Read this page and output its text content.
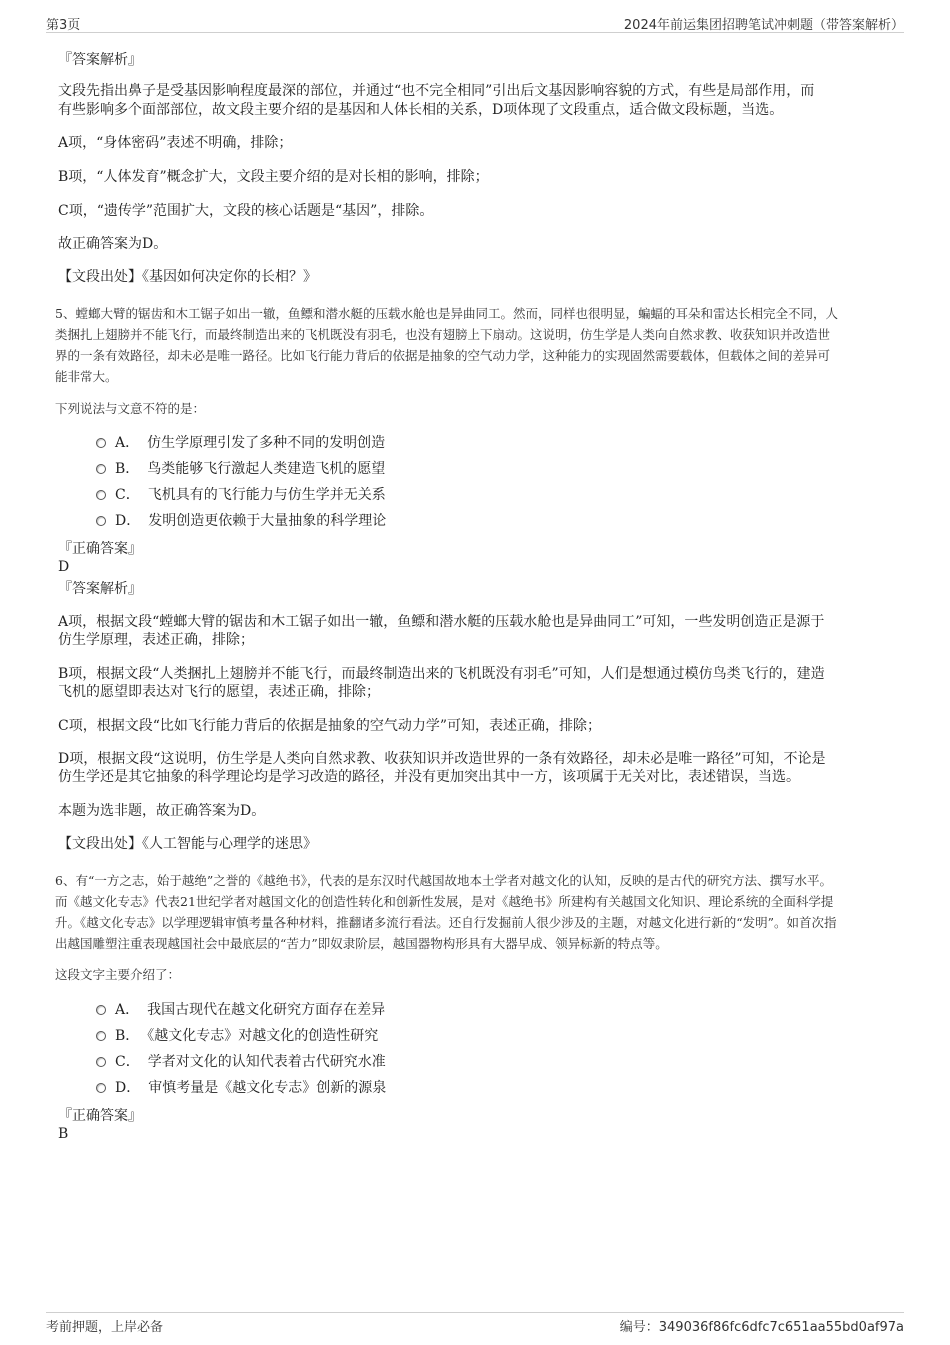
第3页	2024年前运集团招聘笔试冲刺题（带答案解析）

『答案解析』

文段先指出鼻子是受基因影响程度最深的部位，并通过“也不完全相同”引出后文基因影响容貌的方式，有些是局部作用，而

有些影响多个面部部位，故文段主要介绍的是基因和人体长相的关系，D项体现了文段重点，适合做文段标题，当选。

A项，“身体密码”表述不明确，排除；

B项，“人体发育”概念扩大，文段主要介绍的是对长相的影响，排除；

C项，“遗传学”范围扩大，文段的核心话题是“基因”，排除。

故正确答案为D。

【文段出处】《基因如何决定你的长相？》

5、螳螂大臂的锯齿和木工锯子如出一辙，鱼鳔和潜水艇的压载水舱也是异曲同工。然而，同样也很明显，蝙蝠的耳朵和雷达长相完全不同，人

类捆扎上翅膀并不能飞行，而最终制造出来的飞机既没有羽毛，也没有翅膀上下扇动。这说明，仿生学是人类向自然求教、收获知识并改造世

界的一条有效路径，却未必是唯一路径。比如飞行能力背后的依据是抽象的空气动力学，这种能力的实现固然需要载体，但载体之间的差异可

能非常大。

下列说法与文意不符的是：

A． 仿生学原理引发了多种不同的发明创造
B． 鸟类能够飞行激起人类建造飞机的愿望
C． 飞机具有的飞行能力与仿生学并无关系
D． 发明创造更依赖于大量抽象的科学理论

『正确答案』

D

『答案解析』

A项，根据文段“螳螂大臂的锯齿和木工锯子如出一辙，鱼鳔和潜水艇的压载水舱也是异曲同工”可知，一些发明创造正是源于

仿生学原理，表述正确，排除；

B项，根据文段“人类捆扎上翅膀并不能飞行，而最终制造出来的飞机既没有羽毛”可知，人们是想通过模仿鸟类飞行的，建造

飞机的愿望即表达对飞行的愿望，表述正确，排除；

C项，根据文段“比如飞行能力背后的依据是抽象的空气动力学”可知，表述正确，排除；

D项，根据文段“这说明，仿生学是人类向自然求教、收获知识并改造世界的一条有效路径，却未必是唯一路径”可知，不论是

仿生学还是其它抽象的科学理论均是学习改造的路径，并没有更加突出其中一方，该项属于无关对比，表述错误，当选。

本题为选非题，故正确答案为D。

【文段出处】《人工智能与心理学的迷思》

6、有“一方之志，始于越绝”之誉的《越绝书》，代表的是东汉时代越国故地本土学者对越文化的认知，反映的是古代的研究方法、撰写水平。

而《越文化专志》代表21世纪学者对越国文化的创造性转化和创新性发展，是对《越绝书》所建构有关越国文化知识、理论系统的全面科学提

升。《越文化专志》以学理逻辑审慎考量各种材料，推翻诸多流行看法。还自行发掘前人很少涉及的主题，对越文化进行新的“发明”。如首次指

出越国雕塑注重表现越国社会中最底层的“苦力”即奴隶阶层，越国器物构形具有大器早成、领异标新的特点等。

这段文字主要介绍了：

A． 我国古现代在越文化研究方面存在差异
B． 《越文化专志》对越文化的创造性研究
C． 学者对文化的认知代表着古代研究水准
D． 审慎考量是《越文化专志》创新的源泉

『正确答案』

B

考前押题，上岸必备	编号：349036f86fc6dfc7c651aa55bd0af97a
